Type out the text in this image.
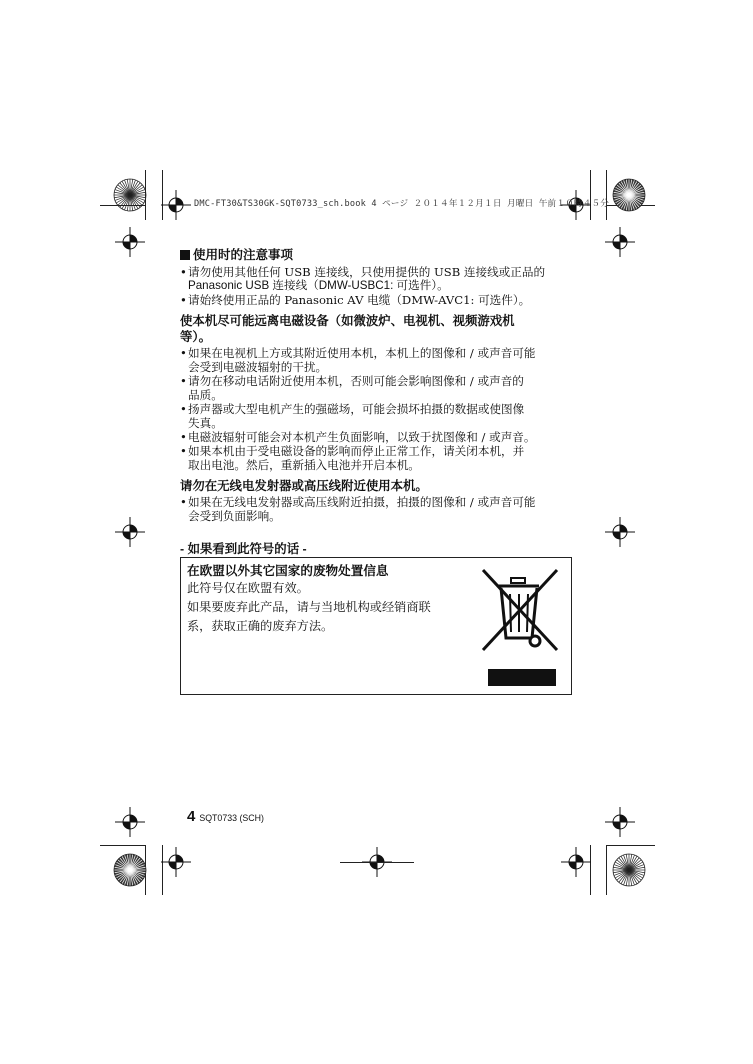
DMC-FT30&TS30GK-SQT0733_sch.book 4 ページ ２０１４年１２月１日 月曜日 午前１０時４５分
使用时的注意事项
• 请勿使用其他任何 USB 连接线，只使用提供的 USB 连接线或正品的
Panasonic USB 连接线（DMW-USBC1: 可选件）。
• 请始终使用正品的 Panasonic AV 电缆（DMW-AVC1: 可选件）。
使本机尽可能远离电磁设备（如微波炉、电视机、视频游戏机
等）。
• 如果在电视机上方或其附近使用本机，本机上的图像和 / 或声音可能
会受到电磁波辐射的干扰。
• 请勿在移动电话附近使用本机，否则可能会影响图像和 / 或声音的
品质。
• 扬声器或大型电机产生的强磁场，可能会损坏拍摄的数据或使图像
失真。
• 电磁波辐射可能会对本机产生负面影响，以致于扰图像和 / 或声音。
• 如果本机由于受电磁设备的影响而停止正常工作，请关闭本机，并
取出电池。然后，重新插入电池并开启本机。
请勿在无线电发射器或高压线附近使用本机。
• 如果在无线电发射器或高压线附近拍摄，拍摄的图像和 / 或声音可能
会受到负面影响。
- 如果看到此符号的话 -
在欧盟以外其它国家的废物处置信息
此符号仅在欧盟有效。
如果要废弃此产品，请与当地机构或经销商联
系，获取正确的废弃方法。
4 SQT0733 (SCH)
